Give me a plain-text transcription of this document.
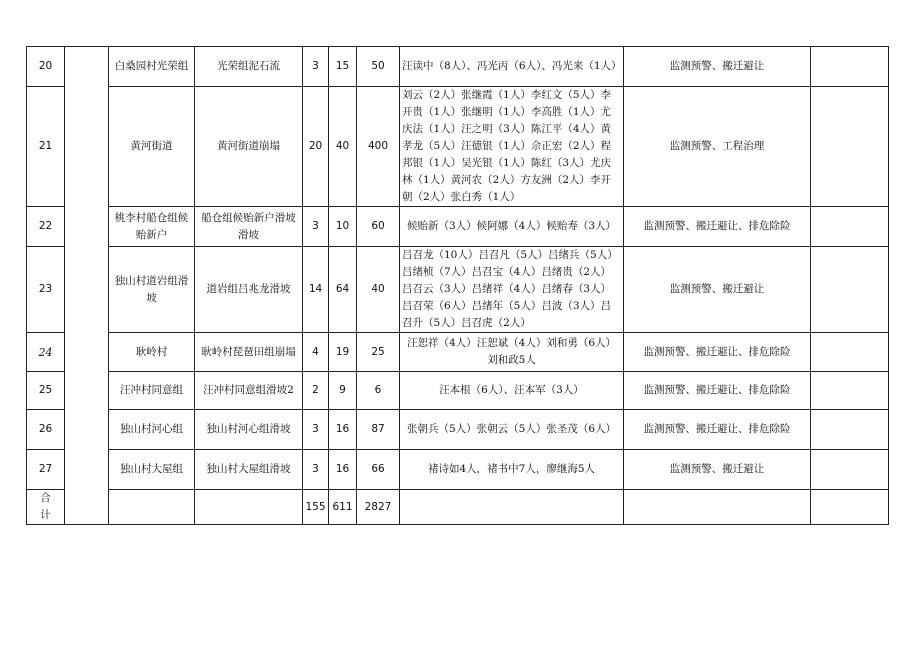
20		白桑园村光荣组	光荣组泥石流	3	15	50	汪读中（8人）、冯光丙（6人）、冯光来（1人）	监测预警、搬迁避让	
21		黄河街道	黄河街道崩塌	20	40	400	刘云（2人）张继霞（1人）李红文（5人）李开贵（1人）张继明（1人）李高胜（1人）尤庆法（1人）汪之明（3人）陈江平（4人）黄孝龙（5人）汪德银（1人）佘正宏（2人）程邦银（1人）吴光银（1人）陈红（3人）尤庆林（1人）黄河农（2人）方友洲（2人）李开朝（2人）张白秀（1人）	监测预警、工程治理	
22		桃李村船仓组候贻新户	船仓组候贻新户滑坡滑坡	3	10	60	候贻新（3人）候阿娜（4人）候贻寿（3人）	监测预警、搬迁避让、排危除险	
23		独山村道岩组滑坡	道岩组吕兆龙滑坡	14	64	40	吕召龙（10人）吕召凡（5人）吕绪兵（5人）吕绪桢（7人）吕召宝（4人）吕绪贵（2人）吕召云（3人）吕绪祥（4人）吕绪春（3人）吕召荣（6人）吕绪年（5人）吕波（3人）吕召升（5人）吕召虎（2人）	监测预警、搬迁避让	
24		耿岭村	耿岭村琵琶田组崩塌	4	19	25	汪恕祥（4人）汪恕斌（4人）刘和勇（6人）刘和政5人	监测预警、搬迁避让、排危除险	
25		汪冲村同意组	汪冲村同意组滑坡2	2	9	6	汪本根（6人）、汪本军（3人）	监测预警、搬迁避让、排危除险	
26		独山村河心组	独山村河心组滑坡	3	16	87	张朝兵（5人）张朝云（5人）张圣茂（6人）	监测预警、搬迁避让、排危除险	
27		独山村大屋组	独山村大屋组滑坡	3	16	66	褚诗如4人，褚书中7人，廖继海5人	监测预警、搬迁避让	
合计				155	611	2827			
